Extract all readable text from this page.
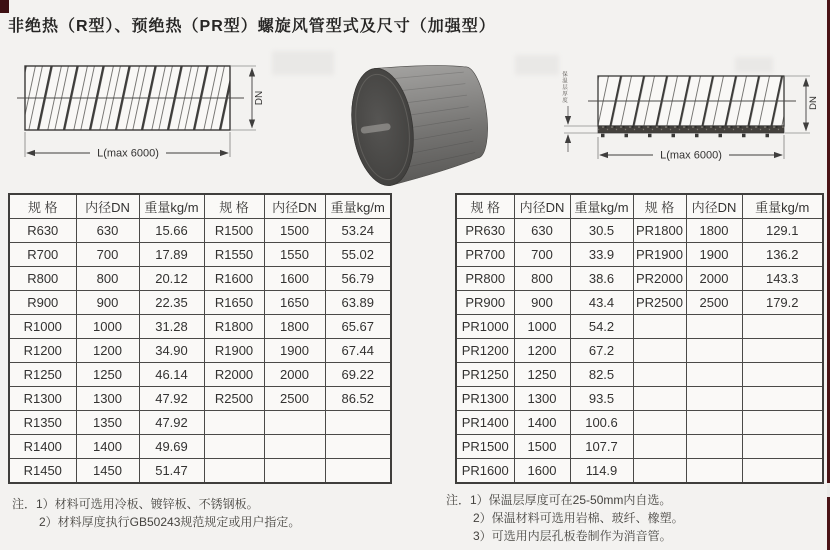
非绝热（R型）、预绝热（PR型）螺旋风管型式及尺寸（加强型）
DN
L(max 6000)
DN
L(max 6000)
保温层厚度
规 格	内径DN	重量kg/m	规 格	内径DN	重量kg/m
R630	630	15.66	R1500	1500	53.24
R700	700	17.89	R1550	1550	55.02
R800	800	20.12	R1600	1600	56.79
R900	900	22.35	R1650	1650	63.89
R1000	1000	31.28	R1800	1800	65.67
R1200	1200	34.90	R1900	1900	67.44
R1250	1250	46.14	R2000	2000	69.22
R1300	1300	47.92	R2500	2500	86.52
R1350	1350	47.92			
R1400	1400	49.69			
R1450	1450	51.47			
规 格	内径DN	重量kg/m	规 格	内径DN	重量kg/m
PR630	630	30.5	PR1800	1800	129.1
PR700	700	33.9	PR1900	1900	136.2
PR800	800	38.6	PR2000	2000	143.3
PR900	900	43.4	PR2500	2500	179.2
PR1000	1000	54.2			
PR1200	1200	67.2			
PR1250	1250	82.5			
PR1300	1300	93.5			
PR1400	1400	100.6			
PR1500	1500	107.7			
PR1600	1600	114.9			
注．1）材料可选用冷板、镀锌板、不锈钢板。
2）材料厚度执行GB50243规范规定或用户指定。
注．1）保温层厚度可在25-50mm内自选。
2）保温材料可选用岩棉、玻纤、橡塑。
3）可选用内层孔板卷制作为消音管。
